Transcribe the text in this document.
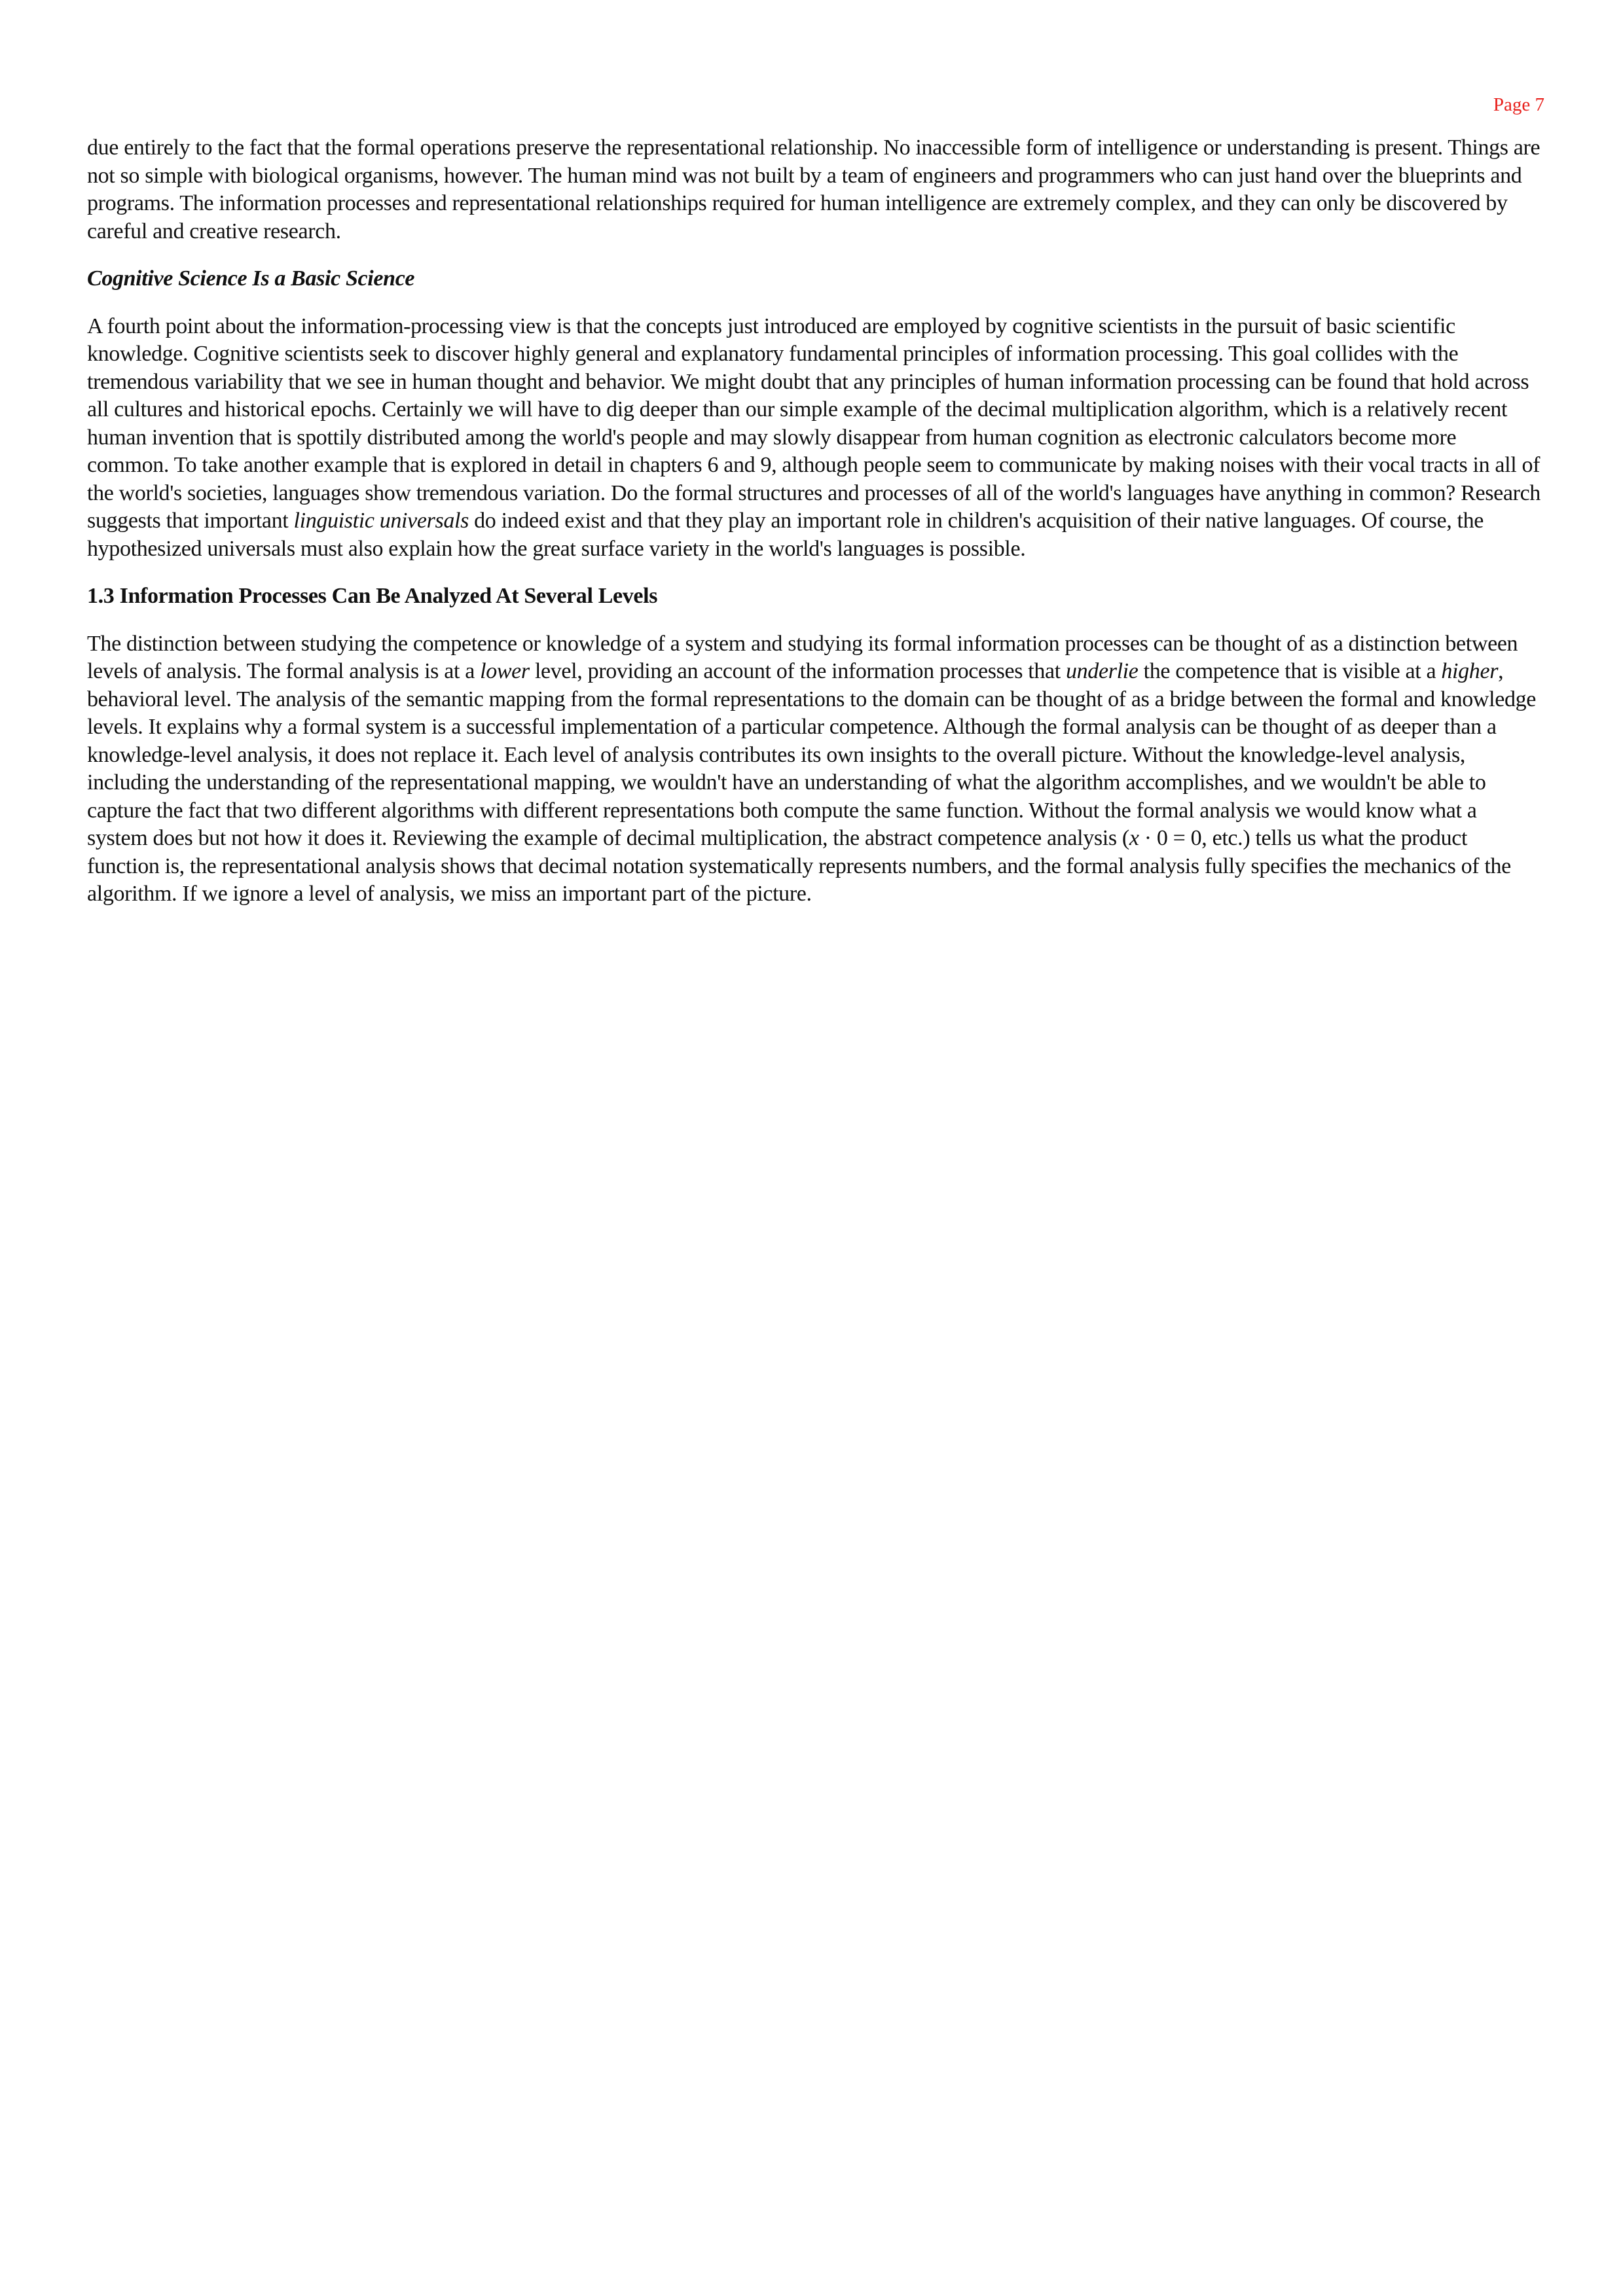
Page 7

due entirely to the fact that the formal operations preserve the representational relationship. No inaccessible form of intelligence or understanding is present. Things are not so simple with biological organisms, however. The human mind was not built by a team of engineers and programmers who can just hand over the blueprints and programs. The information processes and representational relationships required for human intelligence are extremely complex, and they can only be discovered by careful and creative research.

Cognitive Science Is a Basic Science

A fourth point about the information-processing view is that the concepts just introduced are employed by cognitive scientists in the pursuit of basic scientific knowledge. Cognitive scientists seek to discover highly general and explanatory fundamental principles of information processing. This goal collides with the tremendous variability that we see in human thought and behavior. We might doubt that any principles of human information processing can be found that hold across all cultures and historical epochs. Certainly we will have to dig deeper than our simple example of the decimal multiplication algorithm, which is a relatively recent human invention that is spottily distributed among the world's people and may slowly disappear from human cognition as electronic calculators become more common. To take another example that is explored in detail in chapters 6 and 9, although people seem to communicate by making noises with their vocal tracts in all of the world's societies, languages show tremendous variation. Do the formal structures and processes of all of the world's languages have anything in common? Research suggests that important linguistic universals do indeed exist and that they play an important role in children's acquisition of their native languages. Of course, the hypothesized universals must also explain how the great surface variety in the world's languages is possible.

1.3 Information Processes Can Be Analyzed At Several Levels

The distinction between studying the competence or knowledge of a system and studying its formal information processes can be thought of as a distinction between levels of analysis. The formal analysis is at a lower level, providing an account of the information processes that underlie the competence that is visible at a higher, behavioral level. The analysis of the semantic mapping from the formal representations to the domain can be thought of as a bridge between the formal and knowledge levels. It explains why a formal system is a successful implementation of a particular competence. Although the formal analysis can be thought of as deeper than a knowledge-level analysis, it does not replace it. Each level of analysis contributes its own insights to the overall picture. Without the knowledge-level analysis, including the understanding of the representational mapping, we wouldn't have an understanding of what the algorithm accomplishes, and we wouldn't be able to capture the fact that two different algorithms with different representations both compute the same function. Without the formal analysis we would know what a system does but not how it does it. Reviewing the example of decimal multiplication, the abstract competence analysis (x · 0 = 0, etc.) tells us what the product function is, the representational analysis shows that decimal notation systematically represents numbers, and the formal analysis fully specifies the mechanics of the algorithm. If we ignore a level of analysis, we miss an important part of the picture.
